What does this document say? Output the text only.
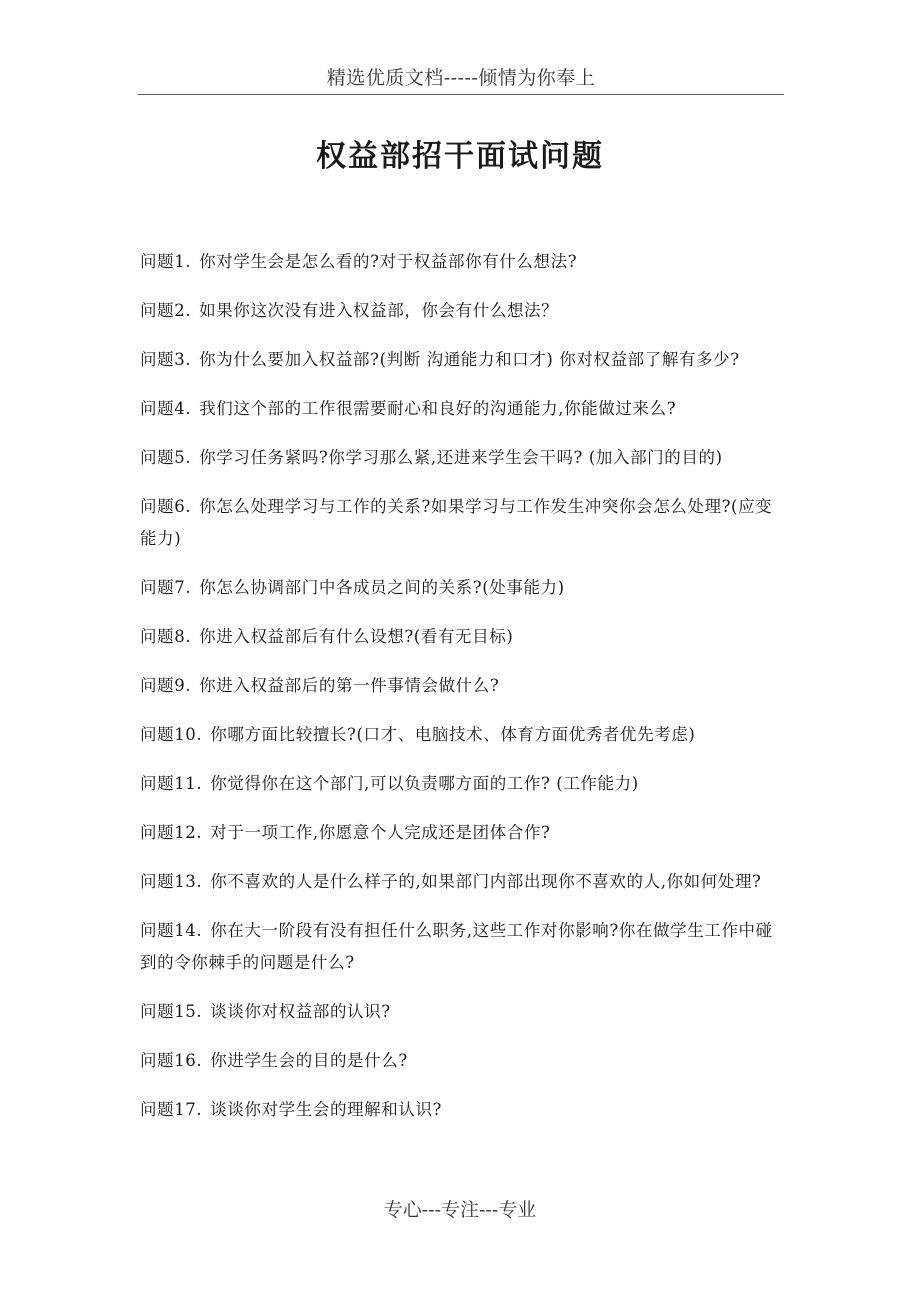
精选优质文档-----倾情为你奉上
权益部招干面试问题
问题1. 你对学生会是怎么看的?对于权益部你有什么想法?
问题2. 如果你这次没有进入权益部，你会有什么想法？
问题3. 你为什么要加入权益部?(判断 沟通能力和口才) 你对权益部了解有多少?
问题4. 我们这个部的工作很需要耐心和良好的沟通能力,你能做过来么?
问题5. 你学习任务紧吗?你学习那么紧,还进来学生会干吗? (加入部门的目的)
问题6. 你怎么处理学习与工作的关系?如果学习与工作发生冲突你会怎么处理?(应变能力)
问题7. 你怎么协调部门中各成员之间的关系?(处事能力)
问题8. 你进入权益部后有什么设想?(看有无目标)
问题9. 你进入权益部后的第一件事情会做什么?
问题10. 你哪方面比较擅长?(口才、电脑技术、体育方面优秀者优先考虑)
问题11. 你觉得你在这个部门,可以负责哪方面的工作? (工作能力)
问题12. 对于一项工作,你愿意个人完成还是团体合作?
问题13. 你不喜欢的人是什么样子的,如果部门内部出现你不喜欢的人,你如何处理?
问题14. 你在大一阶段有没有担任什么职务,这些工作对你影响?你在做学生工作中碰到的令你棘手的问题是什么?
问题15. 谈谈你对权益部的认识?
问题16. 你进学生会的目的是什么?
问题17. 谈谈你对学生会的理解和认识?
专心---专注---专业
